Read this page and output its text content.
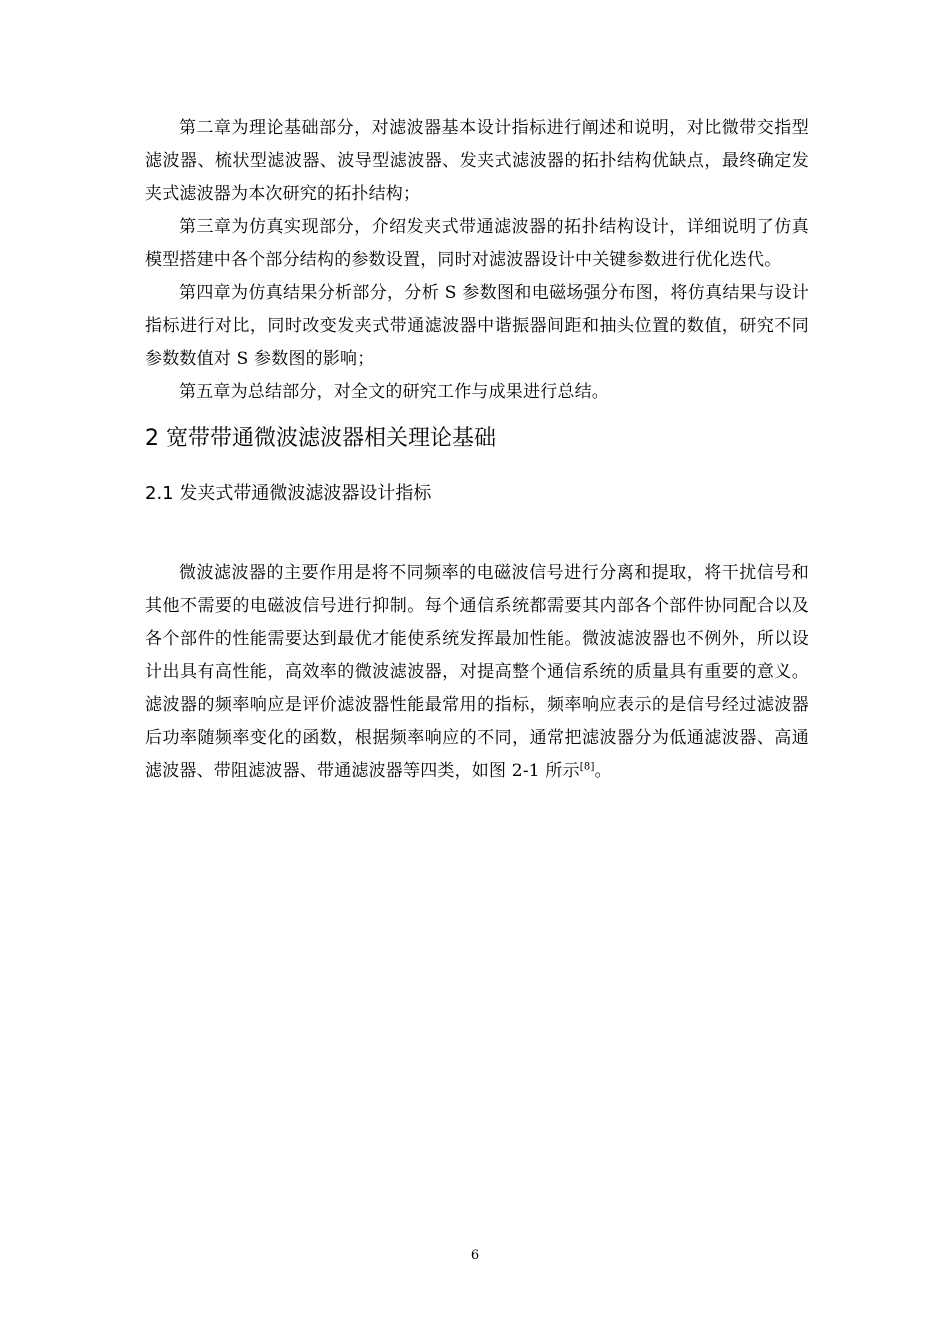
第二章为理论基础部分，对滤波器基本设计指标进行阐述和说明，对比微带交指型滤波器、梳状型滤波器、波导型滤波器、发夹式滤波器的拓扑结构优缺点，最终确定发夹式滤波器为本次研究的拓扑结构；

第三章为仿真实现部分，介绍发夹式带通滤波器的拓扑结构设计，详细说明了仿真模型搭建中各个部分结构的参数设置，同时对滤波器设计中关键参数进行优化迭代。

第四章为仿真结果分析部分，分析 S 参数图和电磁场强分布图，将仿真结果与设计指标进行对比，同时改变发夹式带通滤波器中谐振器间距和抽头位置的数值，研究不同参数数值对 S 参数图的影响；

第五章为总结部分，对全文的研究工作与成果进行总结。

2 宽带带通微波滤波器相关理论基础
2.1 发夹式带通微波滤波器设计指标

微波滤波器的主要作用是将不同频率的电磁波信号进行分离和提取，将干扰信号和其他不需要的电磁波信号进行抑制。每个通信系统都需要其内部各个部件协同配合以及各个部件的性能需要达到最优才能使系统发挥最加性能。微波滤波器也不例外，所以设计出具有高性能，高效率的微波滤波器，对提高整个通信系统的质量具有重要的意义。滤波器的频率响应是评价滤波器性能最常用的指标，频率响应表示的是信号经过滤波器后功率随频率变化的函数，根据频率响应的不同，通常把滤波器分为低通滤波器、高通滤波器、带阻滤波器、带通滤波器等四类，如图 2-1 所示[8]。

6
